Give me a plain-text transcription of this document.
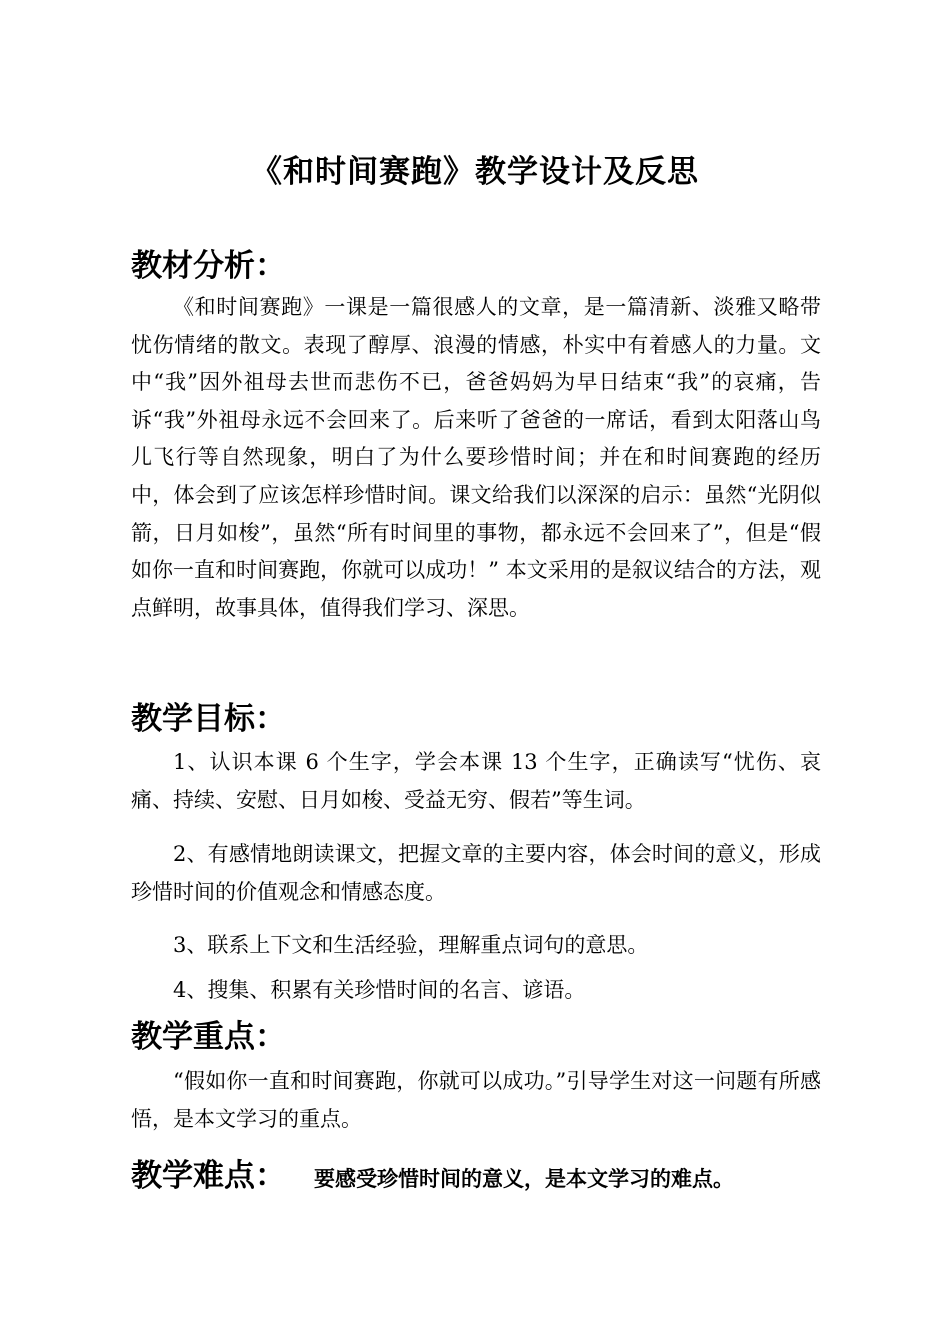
《和时间赛跑》教学设计及反思
教材分析：
《和时间赛跑》一课是一篇很感人的文章，是一篇清新、淡雅又略带忧伤情绪的散文。表现了醇厚、浪漫的情感，朴实中有着感人的力量。文中“我”因外祖母去世而悲伤不已，爸爸妈妈为早日结束“我”的哀痛，告诉“我”外祖母永远不会回来了。后来听了爸爸的一席话，看到太阳落山鸟儿飞行等自然现象，明白了为什么要珍惜时间；并在和时间赛跑的经历中，体会到了应该怎样珍惜时间。课文给我们以深深的启示：虽然“光阴似箭，日月如梭”，虽然“所有时间里的事物，都永远不会回来了”，但是“假如你一直和时间赛跑，你就可以成功！” 本文采用的是叙议结合的方法，观点鲜明，故事具体，值得我们学习、深思。
教学目标：
1、认识本课 6 个生字，学会本课 13 个生字，正确读写“忧伤、哀痛、持续、安慰、日月如梭、受益无穷、假若”等生词。
2、有感情地朗读课文，把握文章的主要内容，体会时间的意义，形成珍惜时间的价值观念和情感态度。
3、联系上下文和生活经验，理解重点词句的意思。
4、搜集、积累有关珍惜时间的名言、谚语。
教学重点：
“假如你一直和时间赛跑，你就可以成功。”引导学生对这一问题有所感悟，是本文学习的重点。
教学难点： 要感受珍惜时间的意义，是本文学习的难点。
